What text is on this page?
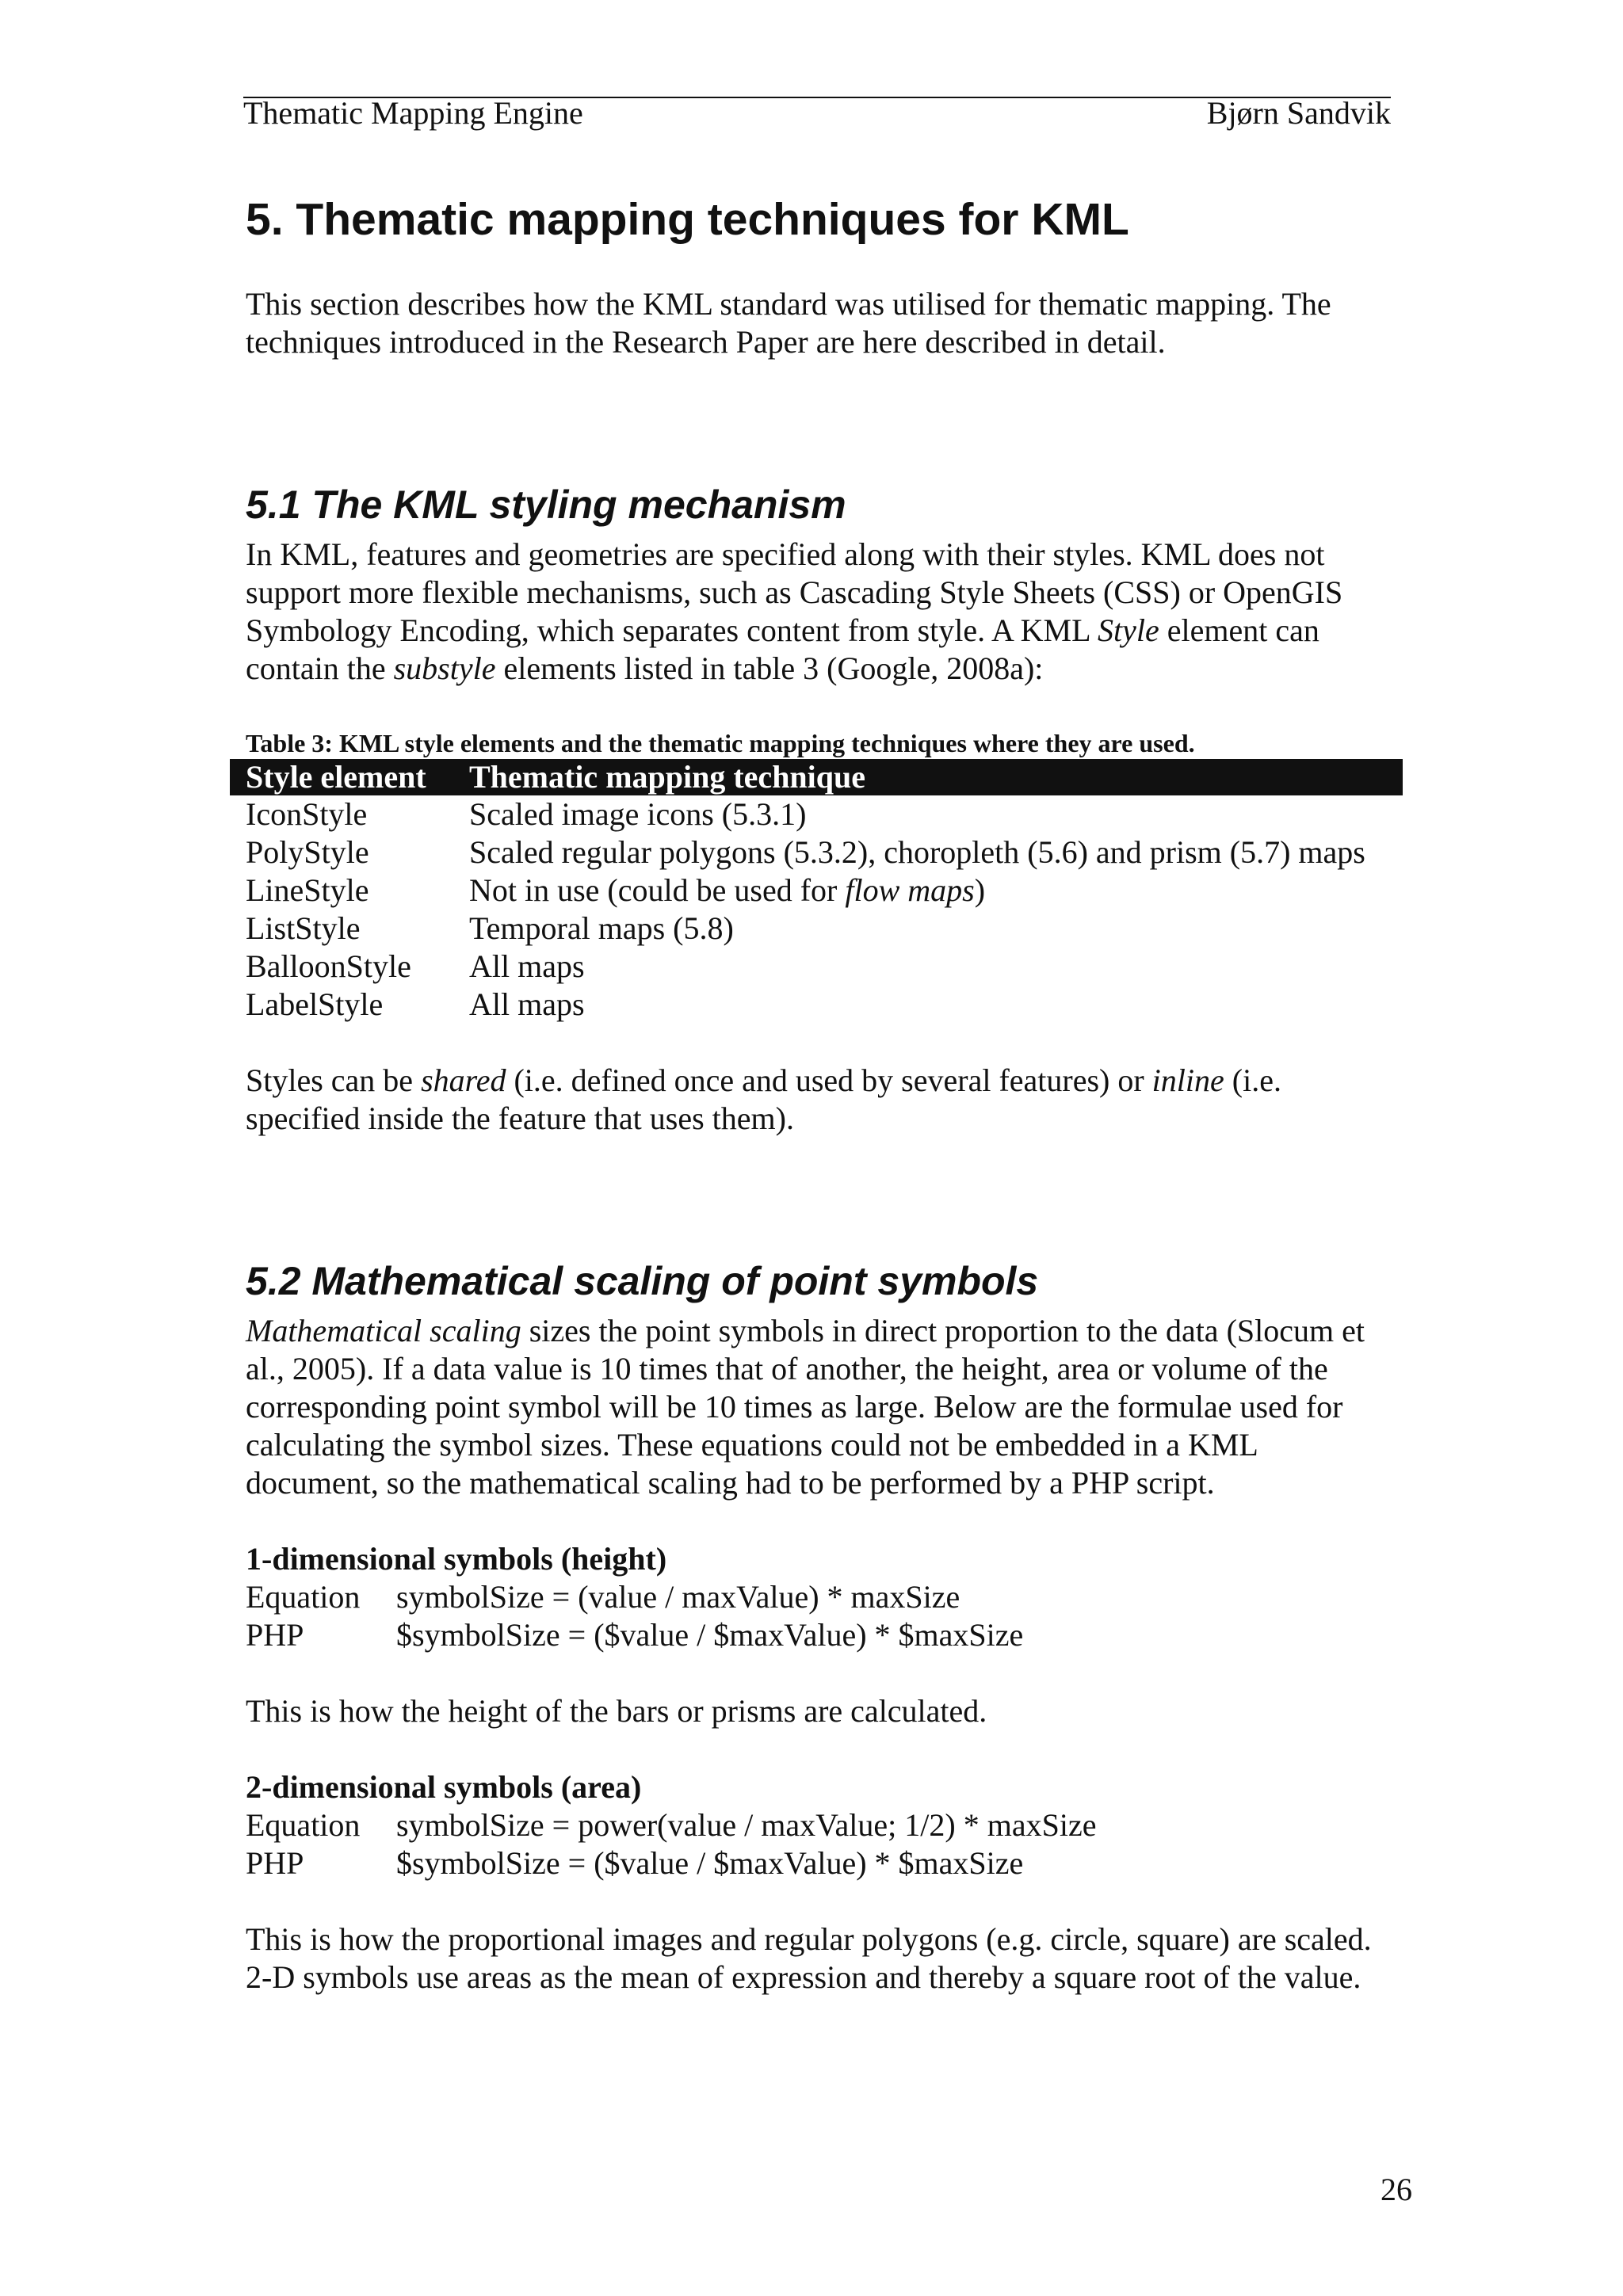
Thematic Mapping Engine	Bjørn Sandvik
5. Thematic mapping techniques for KML

This section describes how the KML standard was utilised for thematic mapping. The techniques introduced in the Research Paper are here described in detail.

5.1 The KML styling mechanism

In KML, features and geometries are specified along with their styles. KML does not support more flexible mechanisms, such as Cascading Style Sheets (CSS) or OpenGIS Symbology Encoding, which separates content from style. A KML Style element can contain the substyle elements listed in table 3 (Google, 2008a):

Table 3: KML style elements and the thematic mapping techniques where they are used.
Style element	Thematic mapping technique
IconStyle	Scaled image icons (5.3.1)
PolyStyle	Scaled regular polygons (5.3.2), choropleth (5.6) and prism (5.7) maps
LineStyle	Not in use (could be used for flow maps)
ListStyle	Temporal maps (5.8)
BalloonStyle	All maps
LabelStyle	All maps

Styles can be shared (i.e. defined once and used by several features) or inline (i.e. specified inside the feature that uses them).

5.2 Mathematical scaling of point symbols

Mathematical scaling sizes the point symbols in direct proportion to the data (Slocum et al., 2005). If a data value is 10 times that of another, the height, area or volume of the corresponding point symbol will be 10 times as large. Below are the formulae used for calculating the symbol sizes. These equations could not be embedded in a KML document, so the mathematical scaling had to be performed by a PHP script.

1-dimensional symbols (height)
Equation	symbolSize = (value / maxValue) * maxSize
PHP	$symbolSize = ($value / $maxValue) * $maxSize

This is how the height of the bars or prisms are calculated.

2-dimensional symbols (area)
Equation	symbolSize = power(value / maxValue; 1/2) * maxSize
PHP	$symbolSize = ($value / $maxValue) * $maxSize

This is how the proportional images and regular polygons (e.g. circle, square) are scaled. 2-D symbols use areas as the mean of expression and thereby a square root of the value.

26
